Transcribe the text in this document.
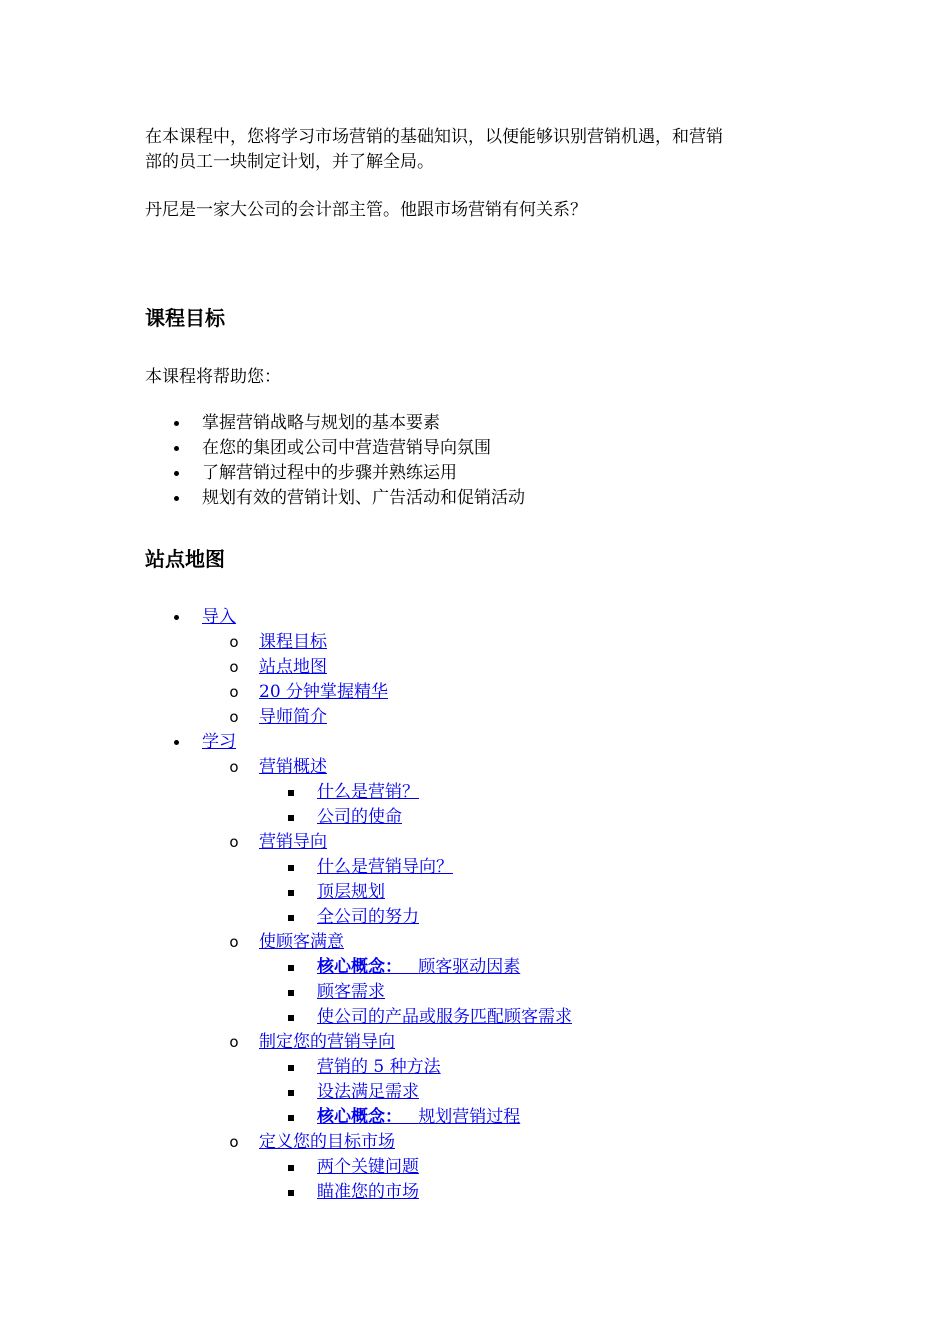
在本课程中，您将学习市场营销的基础知识，以便能够识别营销机遇，和营销

部的员工一块制定计划，并了解全局。

丹尼是一家大公司的会计部主管。他跟市场营销有何关系？

课程目标

本课程将帮助您：

掌握营销战略与规划的基本要素
在您的集团或公司中营造营销导向氛围
了解营销过程中的步骤并熟练运用
规划有效的营销计划、广告活动和促销活动
站点地图
导入
o	课程目标
o	站点地图
o	20 分钟掌握精华
o	导师简介
学习
o	营销概述
什么是营销？
公司的使命
o	营销导向
什么是营销导向？
顶层规划
全公司的努力
o	使顾客满意
核心概念： 顾客驱动因素
顾客需求
使公司的产品或服务匹配顾客需求
o	制定您的营销导向
营销的 5 种方法
设法满足需求
核心概念： 规划营销过程
o	定义您的目标市场
两个关键问题
瞄准您的市场
